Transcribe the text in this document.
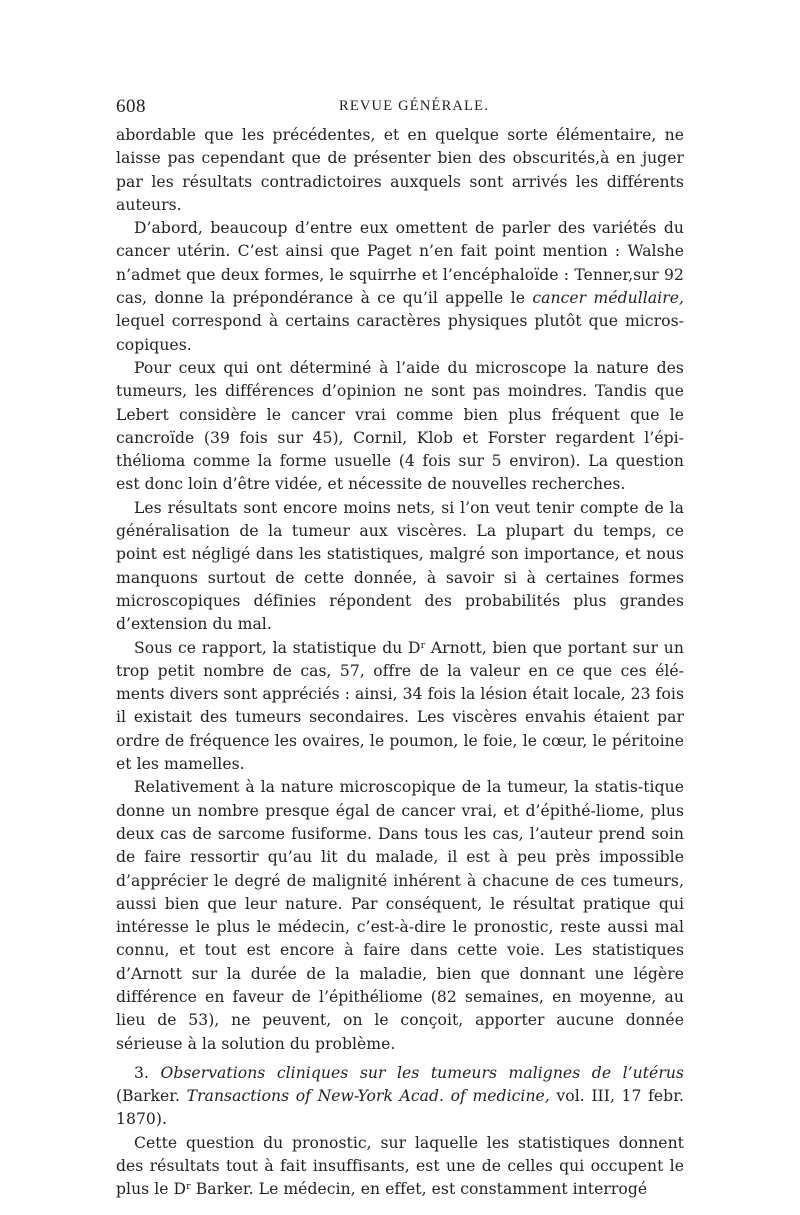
608	REVUE GÉNÉRALE.

abordable que les précédentes, et en quelque sorte élémentaire, ne laisse pas cependant que de présenter bien des obscurités,à en juger par les résultats contradictoires auxquels sont arrivés les différents auteurs.

D’abord, beaucoup d’entre eux omettent de parler des variétés du cancer utérin. C’est ainsi que Paget n’en fait point mention : Walshe n’admet que deux formes, le squirrhe et l’encéphaloïde : Tenner,sur 92 cas, donne la prépondérance à ce qu’il appelle le cancer médullaire, lequel correspond à certains caractères physiques plutôt que micros-copiques.

Pour ceux qui ont déterminé à l’aide du microscope la nature des tumeurs, les différences d’opinion ne sont pas moindres. Tandis que Lebert considère le cancer vrai comme bien plus fréquent que le cancroïde (39 fois sur 45), Cornil, Klob et Forster regardent l’épi-thélioma comme la forme usuelle (4 fois sur 5 environ). La question est donc loin d’être vidée, et nécessite de nouvelles recherches.

Les résultats sont encore moins nets, si l’on veut tenir compte de la généralisation de la tumeur aux viscères. La plupart du temps, ce point est négligé dans les statistiques, malgré son importance, et nous manquons surtout de cette donnée, à savoir si à certaines formes microscopiques définies répondent des probabilités plus grandes d’extension du mal.

Sous ce rapport, la statistique du $D^r$ Arnott, bien que portant sur un trop petit nombre de cas, 57, offre de la valeur en ce que ces élé-ments divers sont appréciés : ainsi, 34 fois la lésion était locale, 23 fois il existait des tumeurs secondaires. Les viscères envahis étaient par ordre de fréquence les ovaires, le poumon, le foie, le cœur, le péritoine et les mamelles.

Relativement à la nature microscopique de la tumeur, la statis-tique donne un nombre presque égal de cancer vrai, et d’épithé-liome, plus deux cas de sarcome fusiforme. Dans tous les cas, l’auteur prend soin de faire ressortir qu’au lit du malade, il est à peu près impossible d’apprécier le degré de malignité inhérent à chacune de ces tumeurs, aussi bien que leur nature. Par conséquent, le résultat pratique qui intéresse le plus le médecin, c’est-à-dire le pronostic, reste aussi mal connu, et tout est encore à faire dans cette voie. Les statistiques d’Arnott sur la durée de la maladie, bien que donnant une légère différence en faveur de l’épithéliome (82 semaines, en moyenne, au lieu de 53), ne peuvent, on le conçoit, apporter aucune donnée sérieuse à la solution du problème.

3. Observations cliniques sur les tumeurs malignes de l’utérus (Barker. Transactions of New-York Acad. of medicine, vol. III, 17 febr. 1870).

Cette question du pronostic, sur laquelle les statistiques donnent des résultats tout à fait insuffisants, est une de celles qui occupent le plus le $D^r$ Barker. Le médecin, en effet, est constamment interrogé
